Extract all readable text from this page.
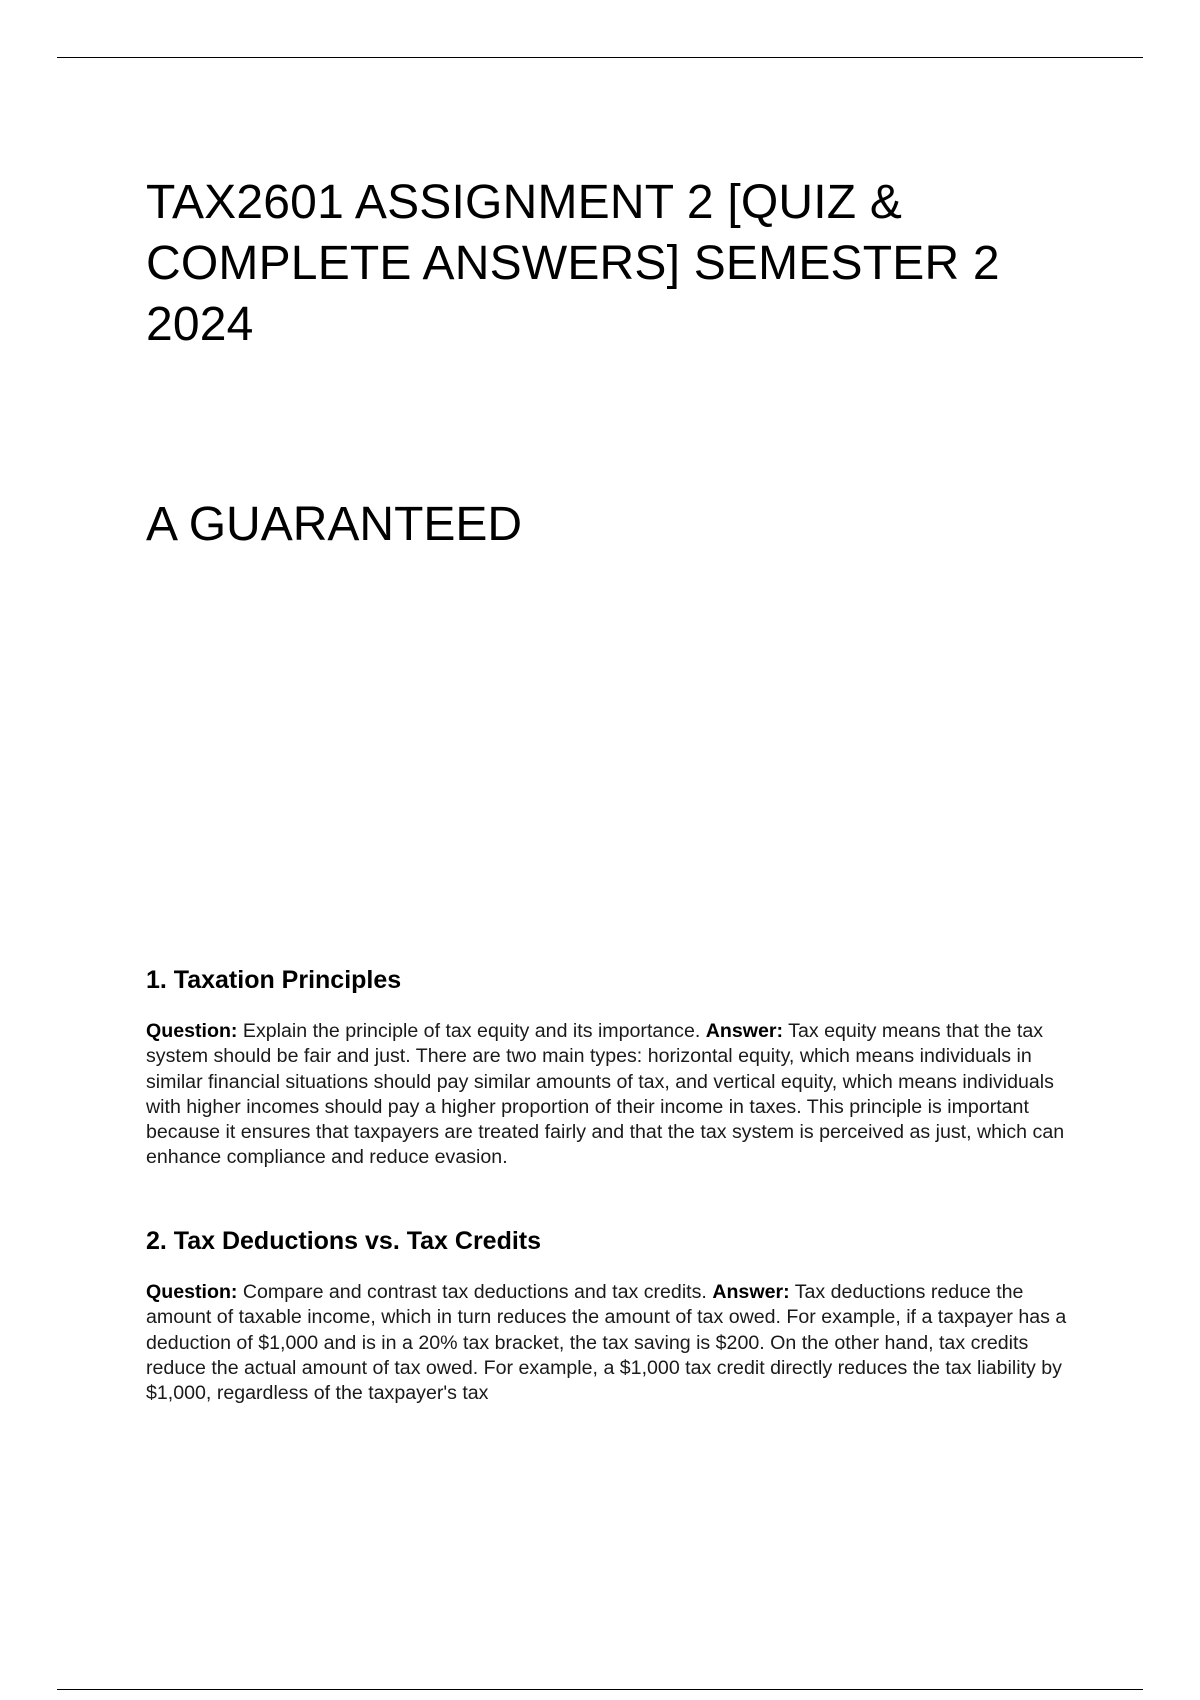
TAX2601 ASSIGNMENT 2 [QUIZ & COMPLETE ANSWERS] SEMESTER 2 2024
A GUARANTEED
1. Taxation Principles

Question: Explain the principle of tax equity and its importance. Answer: Tax equity means that the tax system should be fair and just. There are two main types: horizontal equity, which means individuals in similar financial situations should pay similar amounts of tax, and vertical equity, which means individuals with higher incomes should pay a higher proportion of their income in taxes. This principle is important because it ensures that taxpayers are treated fairly and that the tax system is perceived as just, which can enhance compliance and reduce evasion.

2. Tax Deductions vs. Tax Credits

Question: Compare and contrast tax deductions and tax credits. Answer: Tax deductions reduce the amount of taxable income, which in turn reduces the amount of tax owed. For example, if a taxpayer has a deduction of $1,000 and is in a 20% tax bracket, the tax saving is $200. On the other hand, tax credits reduce the actual amount of tax owed. For example, a $1,000 tax credit directly reduces the tax liability by $1,000, regardless of the taxpayer's tax
